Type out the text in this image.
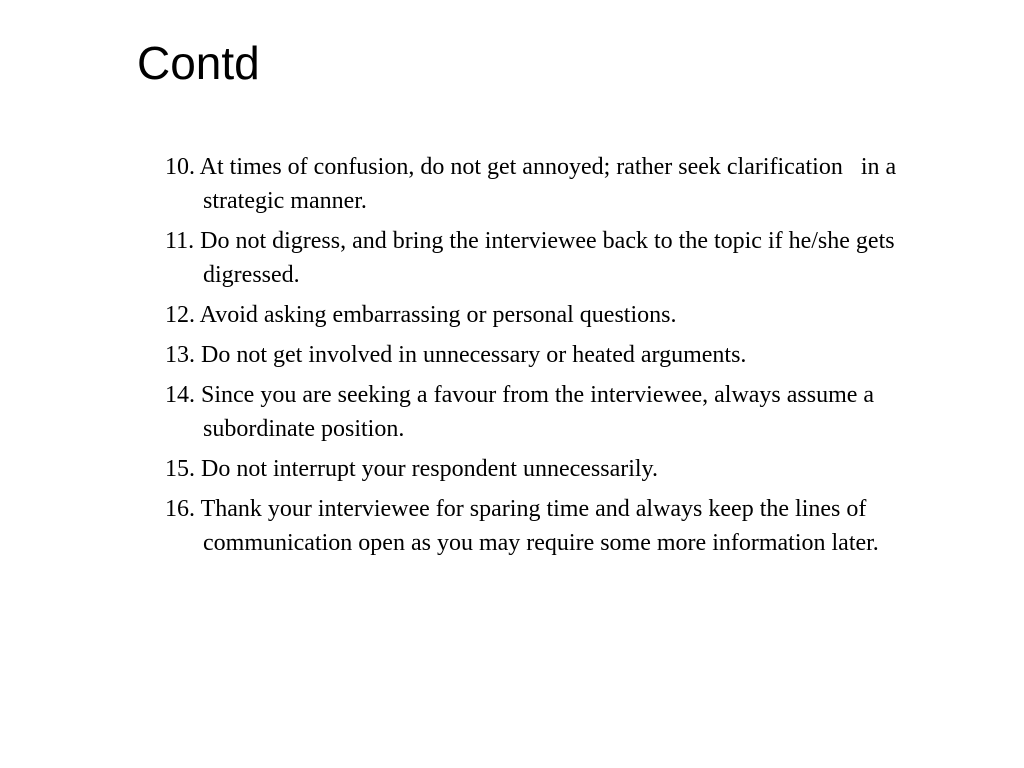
Contd
10. At times of confusion, do not get annoyed; rather seek clarification   in a strategic manner.
11. Do not digress, and bring the interviewee back to the topic if he/she gets digressed.
12. Avoid asking embarrassing or personal questions.
13. Do not get involved in unnecessary or heated arguments.
14. Since you are seeking a favour from the interviewee, always assume a subordinate position.
15. Do not interrupt your respondent unnecessarily.
16. Thank your interviewee for sparing time and always keep the lines of communication open as you may require some more information later.
